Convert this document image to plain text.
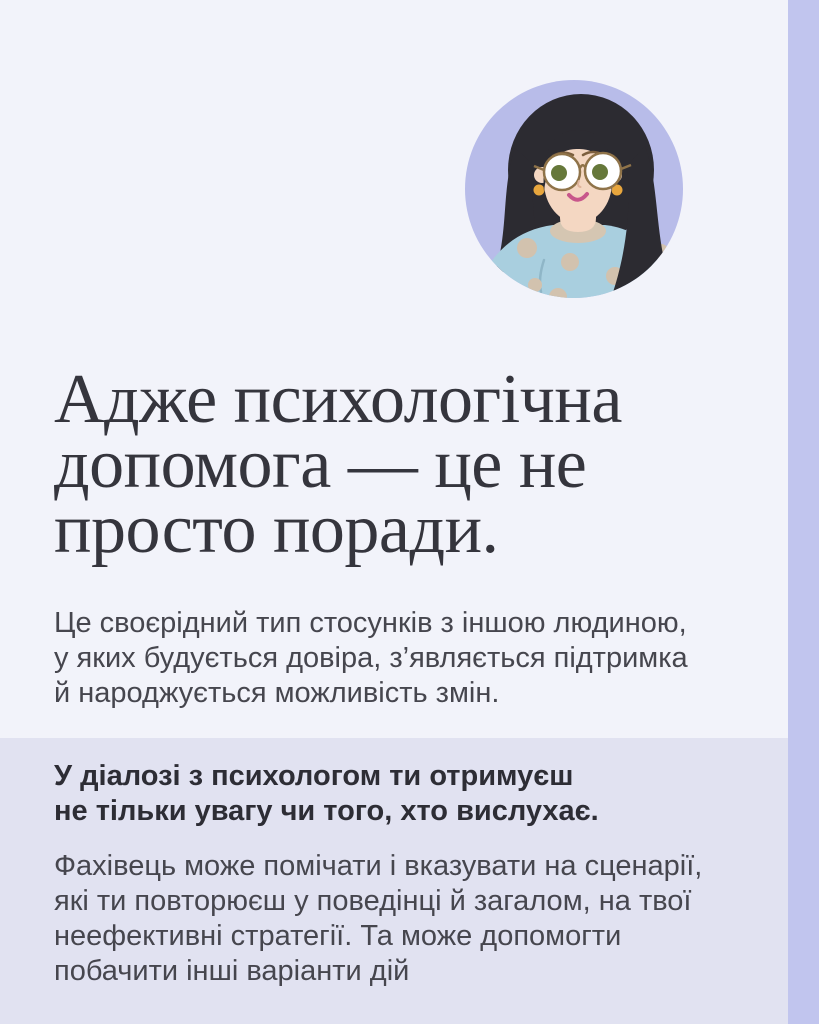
Адже психологічна
допомога — це не
просто поради.

Це своєрідний тип стосунків з іншою людиною,
у яких будується довіра, з’являється підтримка
й народжується можливість змін.

У діалозі з психологом ти отримуєш
не тільки увагу чи того, хто вислухає.

Фахівець може помічати і вказувати на сценарії,
які ти повторюєш у поведінці й загалом, на твої
неефективні стратегії. Та може допомогти
побачити інші варіанти дій
